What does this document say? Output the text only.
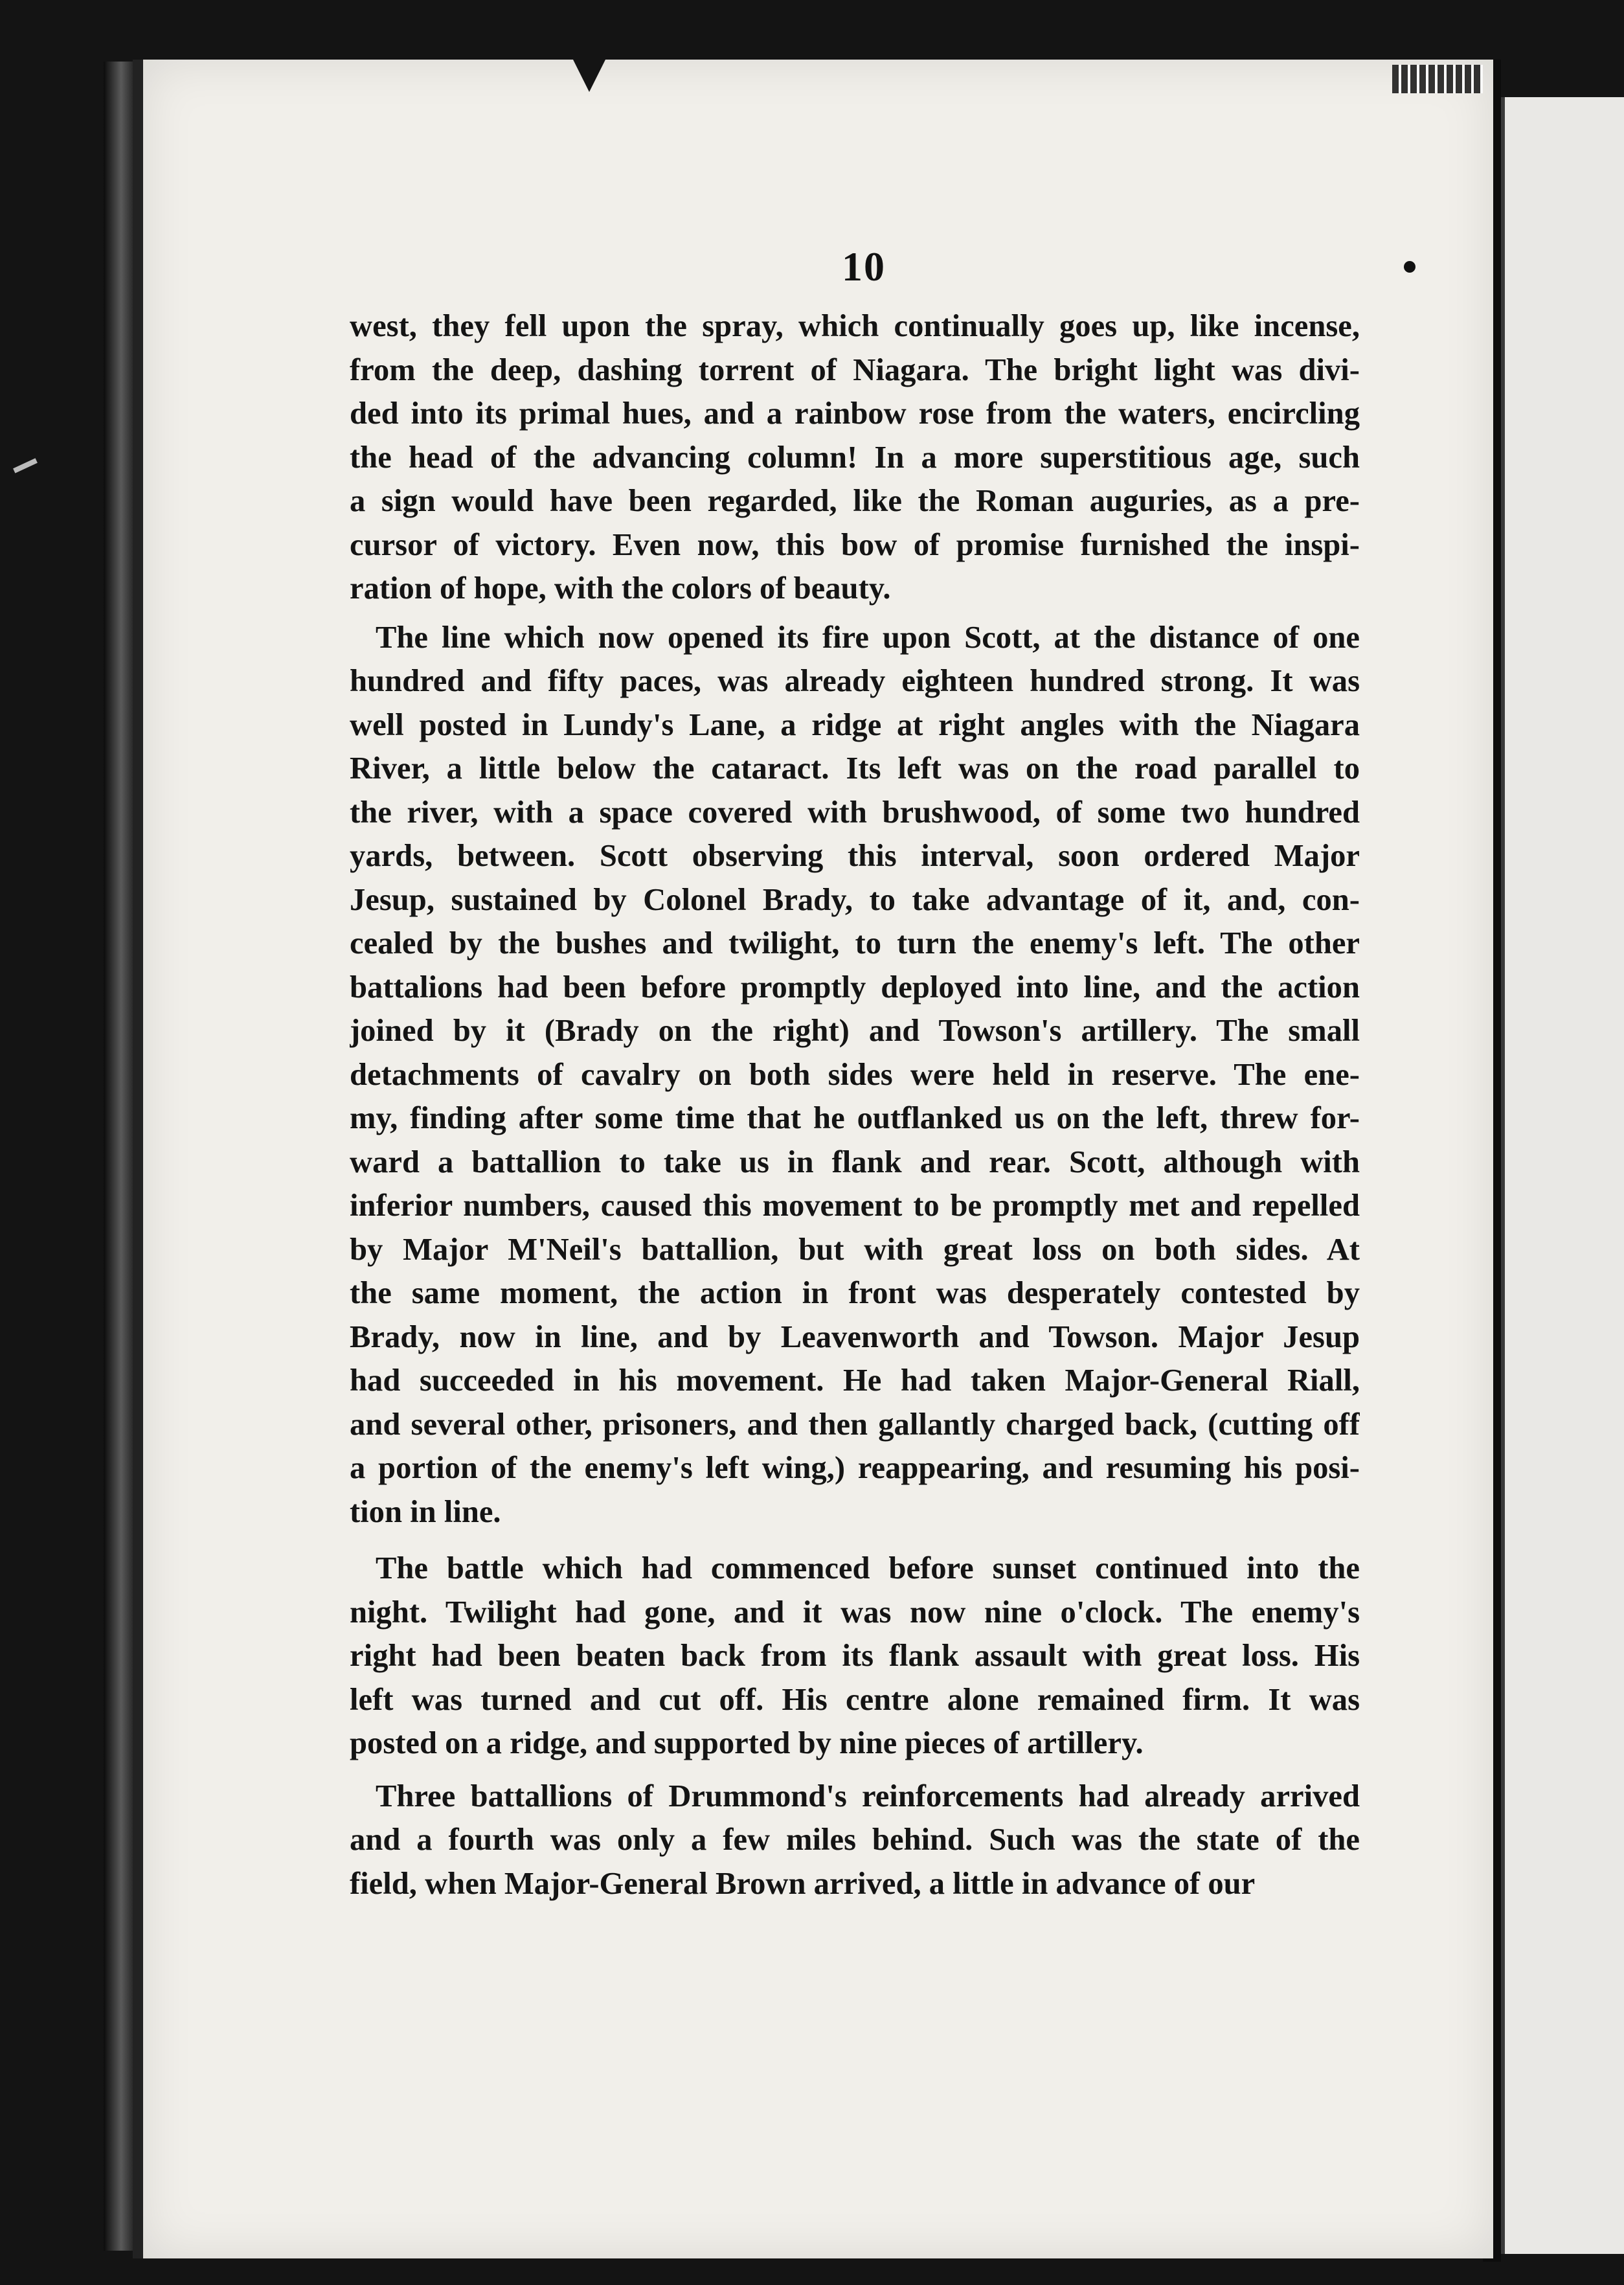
10
west, they fell upon the spray, which continually goes up, like incense,
from the deep, dashing torrent of Niagara. The bright light was divi-
ded into its primal hues, and a rainbow rose from the waters, encircling
the head of the advancing column! In a more superstitious age, such
a sign would have been regarded, like the Roman auguries, as a pre-
cursor of victory. Even now, this bow of promise furnished the inspi-
ration of hope, with the colors of beauty.
The line which now opened its fire upon Scott, at the distance of one
hundred and fifty paces, was already eighteen hundred strong. It was
well posted in Lundy's Lane, a ridge at right angles with the Niagara
River, a little below the cataract. Its left was on the road parallel to
the river, with a space covered with brushwood, of some two hundred
yards, between. Scott observing this interval, soon ordered Major
Jesup, sustained by Colonel Brady, to take advantage of it, and, con-
cealed by the bushes and twilight, to turn the enemy's left. The other
battalions had been before promptly deployed into line, and the action
joined by it (Brady on the right) and Towson's artillery. The small
detachments of cavalry on both sides were held in reserve. The ene-
my, finding after some time that he outflanked us on the left, threw for-
ward a battallion to take us in flank and rear. Scott, although with
inferior numbers, caused this movement to be promptly met and repelled
by Major M'Neil's battallion, but with great loss on both sides. At
the same moment, the action in front was desperately contested by
Brady, now in line, and by Leavenworth and Towson. Major Jesup
had succeeded in his movement. He had taken Major-General Riall,
and several other, prisoners, and then gallantly charged back, (cutting off
a portion of the enemy's left wing,) reappearing, and resuming his posi-
tion in line.
The battle which had commenced before sunset continued into the
night. Twilight had gone, and it was now nine o'clock. The enemy's
right had been beaten back from its flank assault with great loss. His
left was turned and cut off. His centre alone remained firm. It was
posted on a ridge, and supported by nine pieces of artillery.
Three battallions of Drummond's reinforcements had already arrived
and a fourth was only a few miles behind. Such was the state of the
field, when Major-General Brown arrived, a little in advance of our
